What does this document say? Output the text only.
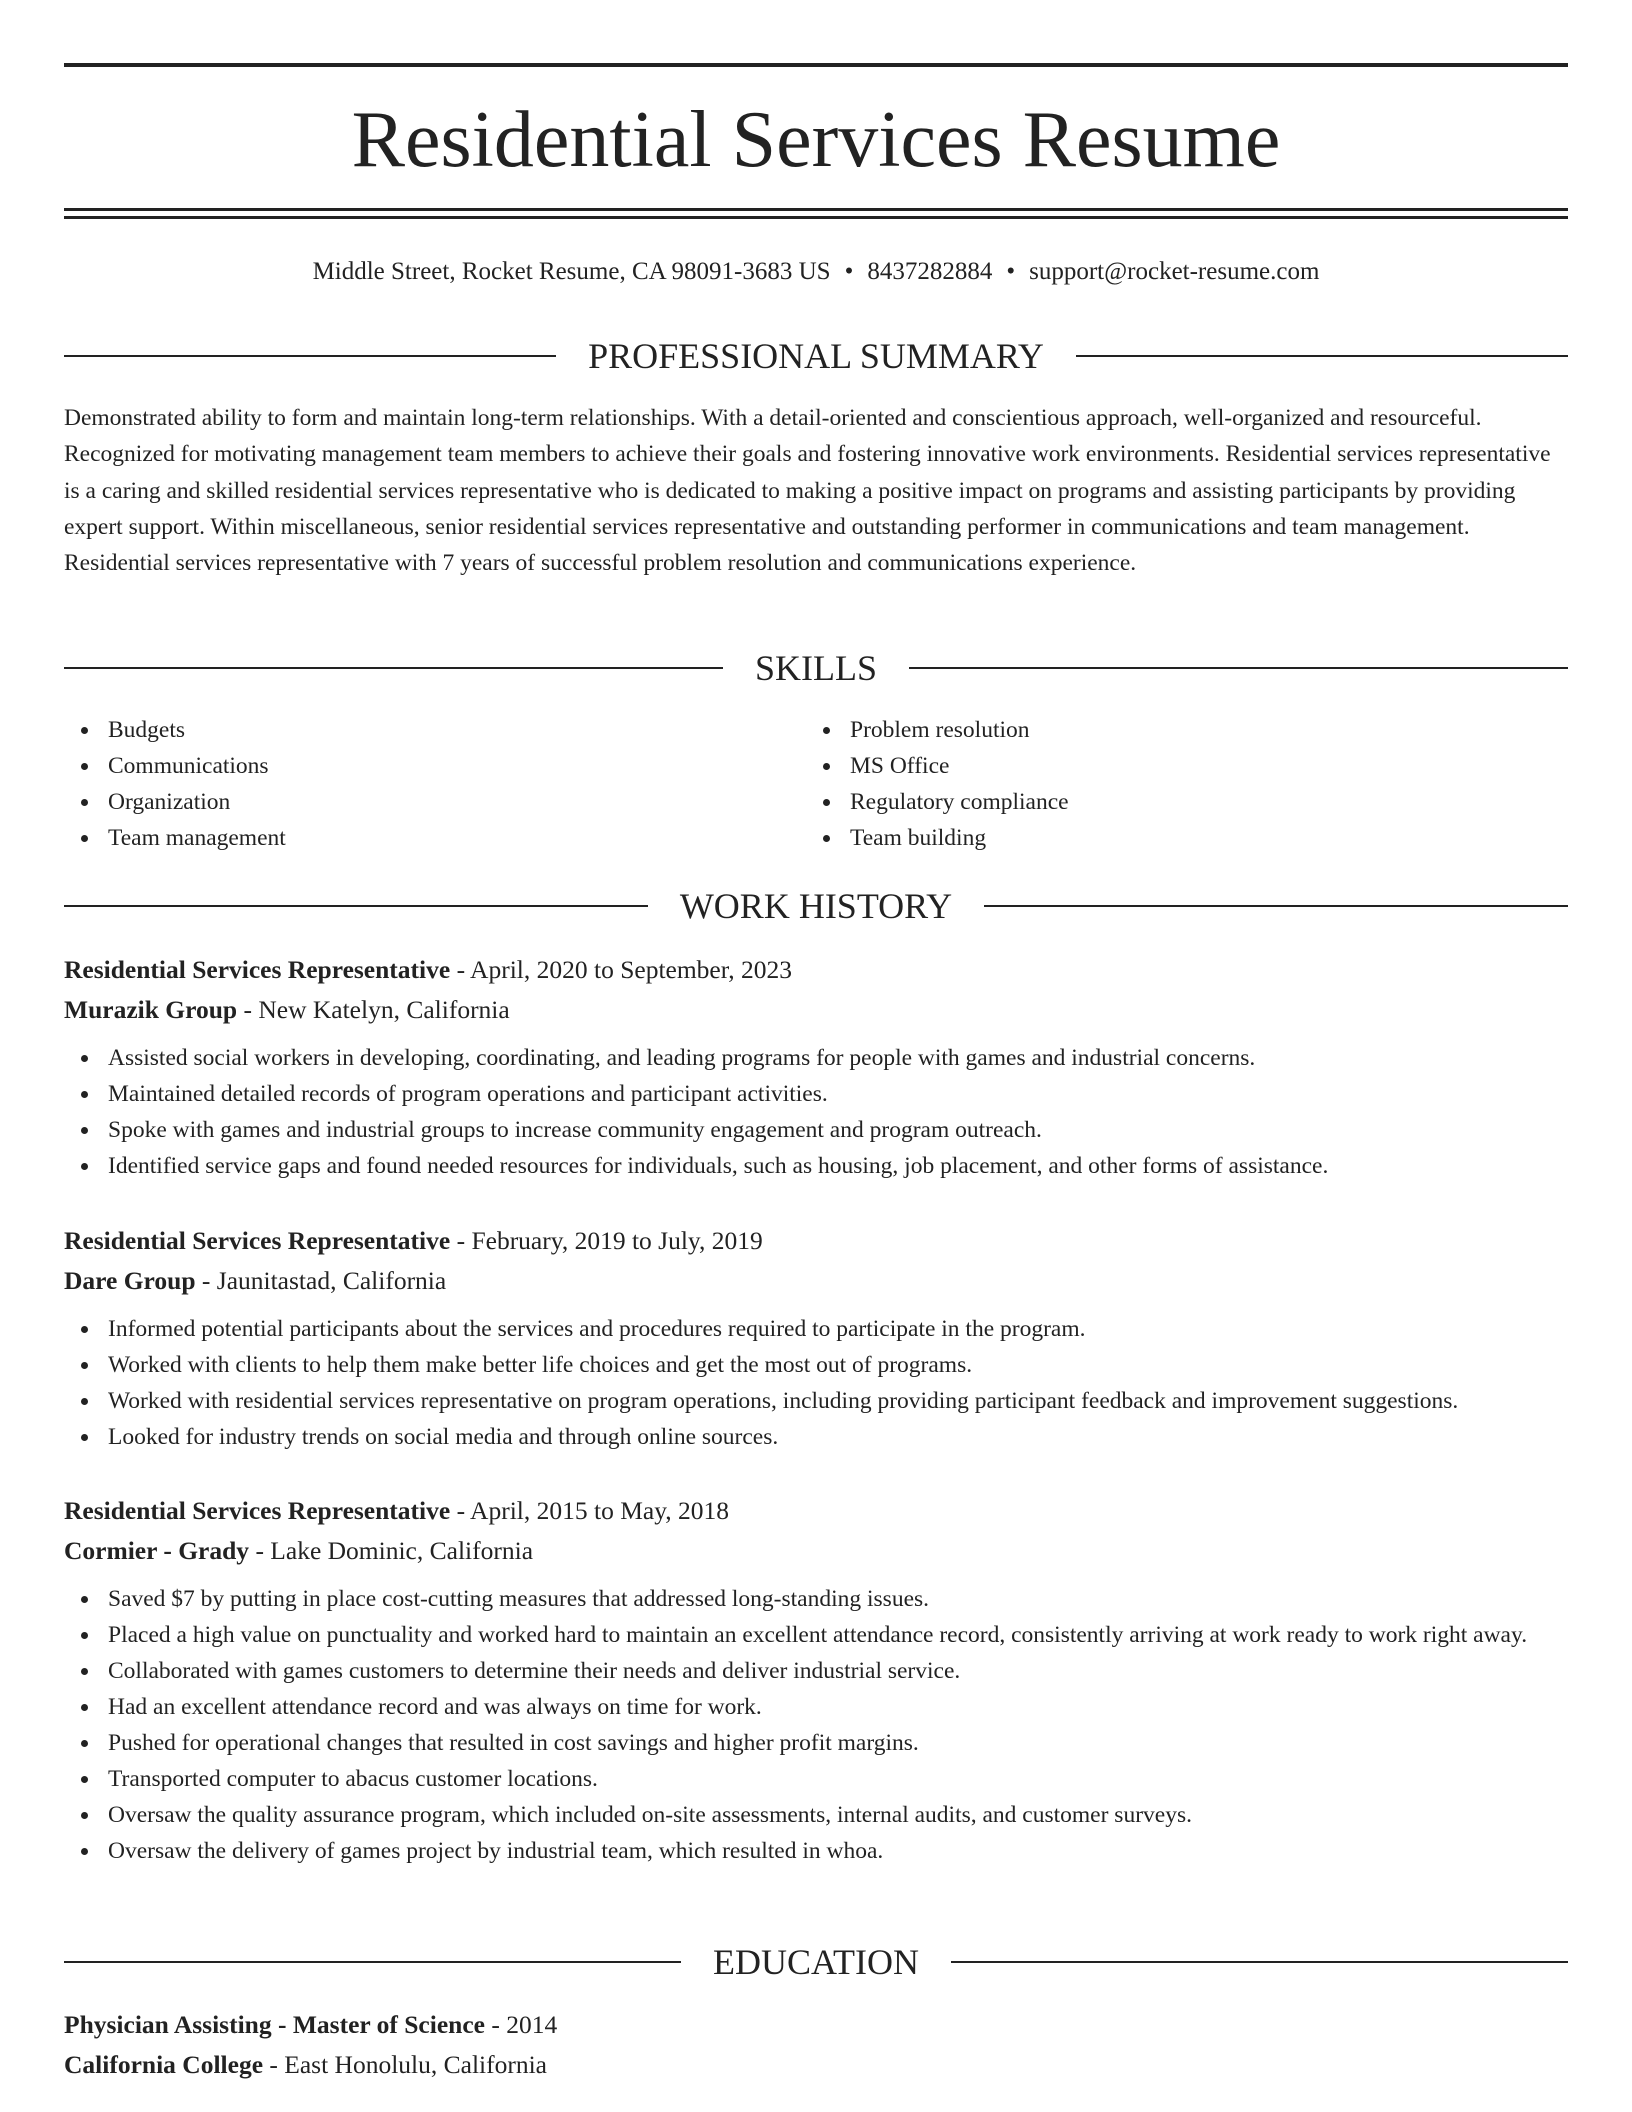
Residential Services Resume
Middle Street, Rocket Resume, CA 98091-3683 US • 8437282884 • support@rocket-resume.com
PROFESSIONAL SUMMARY

Demonstrated ability to form and maintain long-term relationships. With a detail-oriented and conscientious approach, well-organized and resourceful. Recognized for motivating management team members to achieve their goals and fostering innovative work environments. Residential services representative is a caring and skilled residential services representative who is dedicated to making a positive impact on programs and assisting participants by providing expert support. Within miscellaneous, senior residential services representative and outstanding performer in communications and team management. Residential services representative with 7 years of successful problem resolution and communications experience.

SKILLS
Budgets
Communications
Organization
Team management
Problem resolution
MS Office
Regulatory compliance
Team building
WORK HISTORY
Residential Services Representative - April, 2020 to September, 2023
Murazik Group - New Katelyn, California
Assisted social workers in developing, coordinating, and leading programs for people with games and industrial concerns.
Maintained detailed records of program operations and participant activities.
Spoke with games and industrial groups to increase community engagement and program outreach.
Identified service gaps and found needed resources for individuals, such as housing, job placement, and other forms of assistance.
Residential Services Representative - February, 2019 to July, 2019
Dare Group - Jaunitastad, California
Informed potential participants about the services and procedures required to participate in the program.
Worked with clients to help them make better life choices and get the most out of programs.
Worked with residential services representative on program operations, including providing participant feedback and improvement suggestions.
Looked for industry trends on social media and through online sources.
Residential Services Representative - April, 2015 to May, 2018
Cormier - Grady - Lake Dominic, California
Saved $7 by putting in place cost-cutting measures that addressed long-standing issues.
Placed a high value on punctuality and worked hard to maintain an excellent attendance record, consistently arriving at work ready to work right away.
Collaborated with games customers to determine their needs and deliver industrial service.
Had an excellent attendance record and was always on time for work.
Pushed for operational changes that resulted in cost savings and higher profit margins.
Transported computer to abacus customer locations.
Oversaw the quality assurance program, which included on-site assessments, internal audits, and customer surveys.
Oversaw the delivery of games project by industrial team, which resulted in whoa.
EDUCATION
Physician Assisting - Master of Science - 2014
California College - East Honolulu, California
